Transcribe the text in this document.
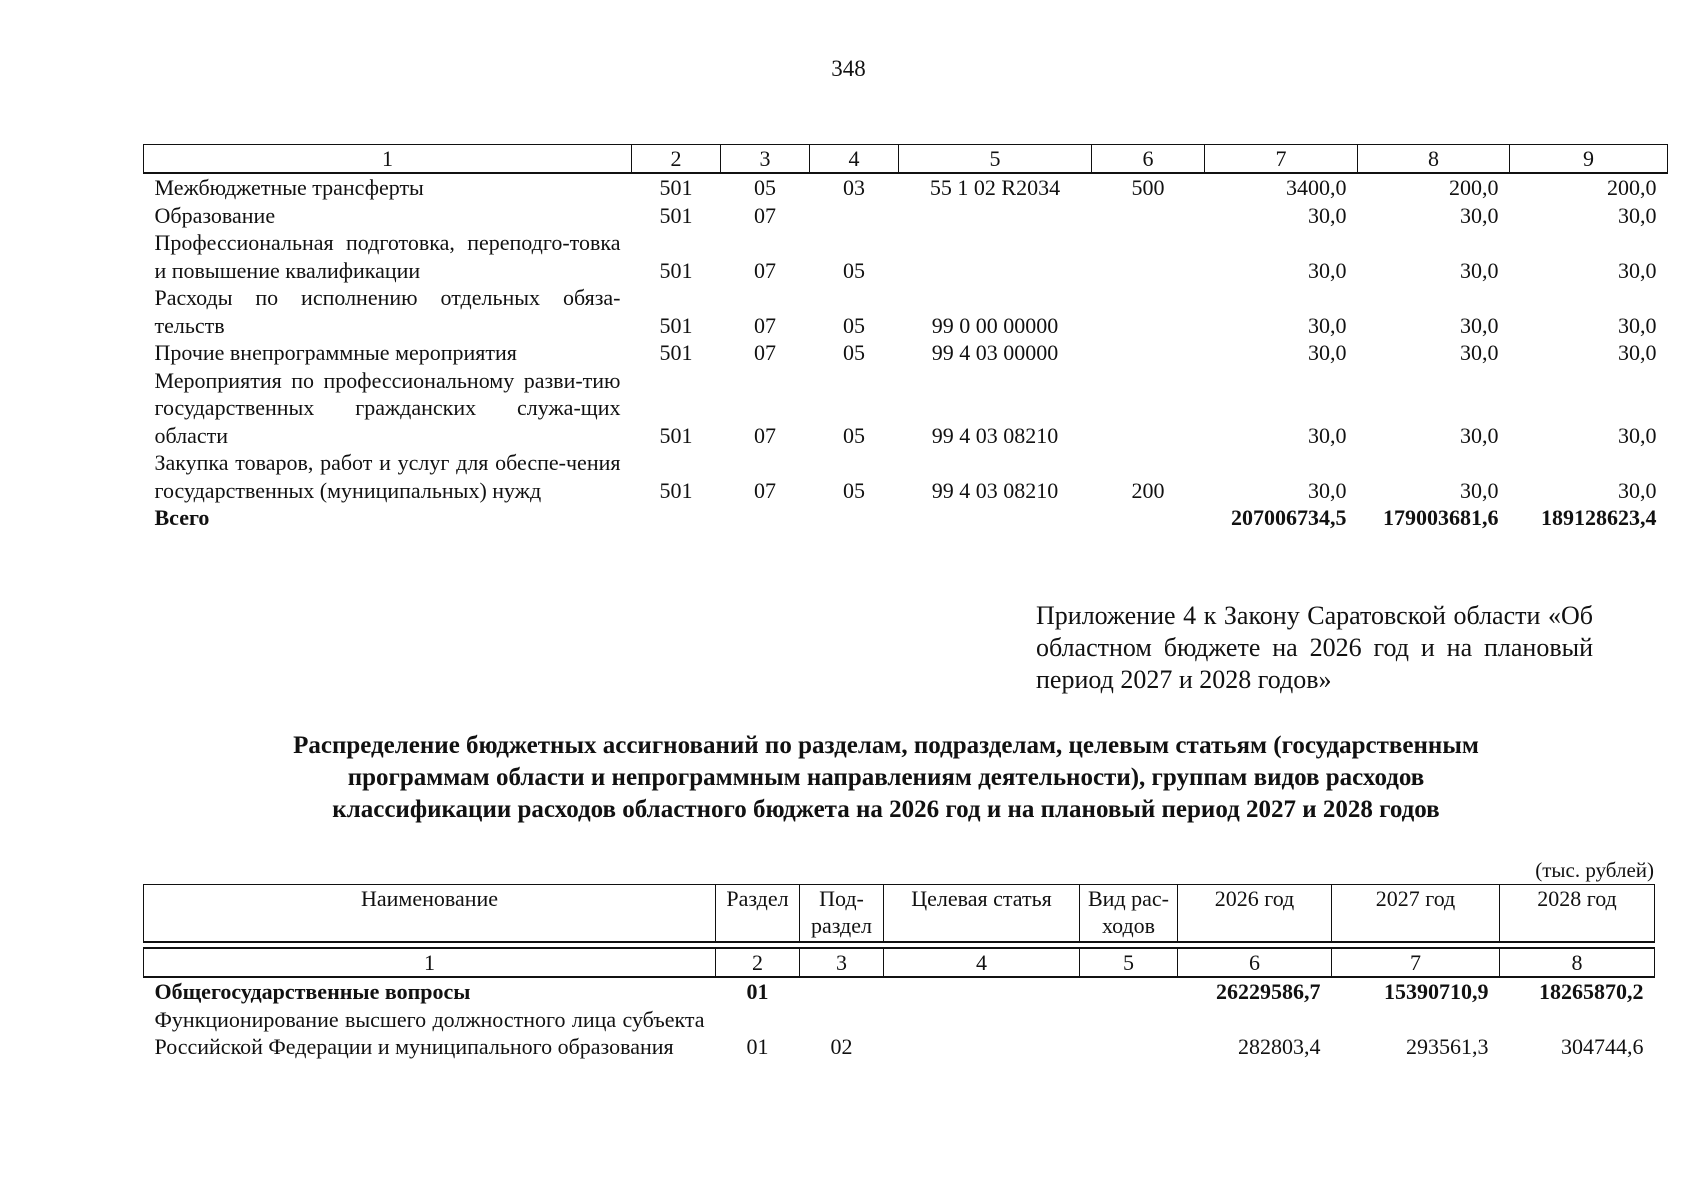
348
1	2	3	4	5	6	7	8	9
Межбюджетные трансферты	501	05	03	55 1 02 R2034	500	3400,0	200,0	200,0
Образование	501	07				30,0	30,0	30,0
Профессиональная подготовка, переподго-товка и повышение квалификации	501	07	05			30,0	30,0	30,0
Расходы по исполнению отдельных обяза-тельств	501	07	05	99 0 00 00000		30,0	30,0	30,0
Прочие внепрограммные мероприятия	501	07	05	99 4 03 00000		30,0	30,0	30,0
Мероприятия по профессиональному разви-тию государственных гражданских служа-щих области	501	07	05	99 4 03 08210		30,0	30,0	30,0
Закупка товаров, работ и услуг для обеспе-чения государственных (муниципальных) нужд	501	07	05	99 4 03 08210	200	30,0	30,0	30,0
Всего						207006734,5	179003681,6	189128623,4
Приложение 4 к Закону Саратовской области «Об областном бюджете на 2026 год и на плановый период 2027 и 2028 годов»
Распределение бюджетных ассигнований по разделам, подразделам, целевым статьям (государственным
программам области и непрограммным направлениям деятельности), группам видов расходов
классификации расходов областного бюджета на 2026 год и на плановый период 2027 и 2028 годов
(тыс. рублей)
Наименование	Раздел	Под-раздел	Целевая статья	Вид рас-ходов	2026 год	2027 год	2028 год

1	2	3	4	5	6	7	8
Общегосударственные вопросы	01				26229586,7	15390710,9	18265870,2
Функционирование высшего должностного лица субъекта Российской Федерации и муниципального образования	01	02			282803,4	293561,3	304744,6
